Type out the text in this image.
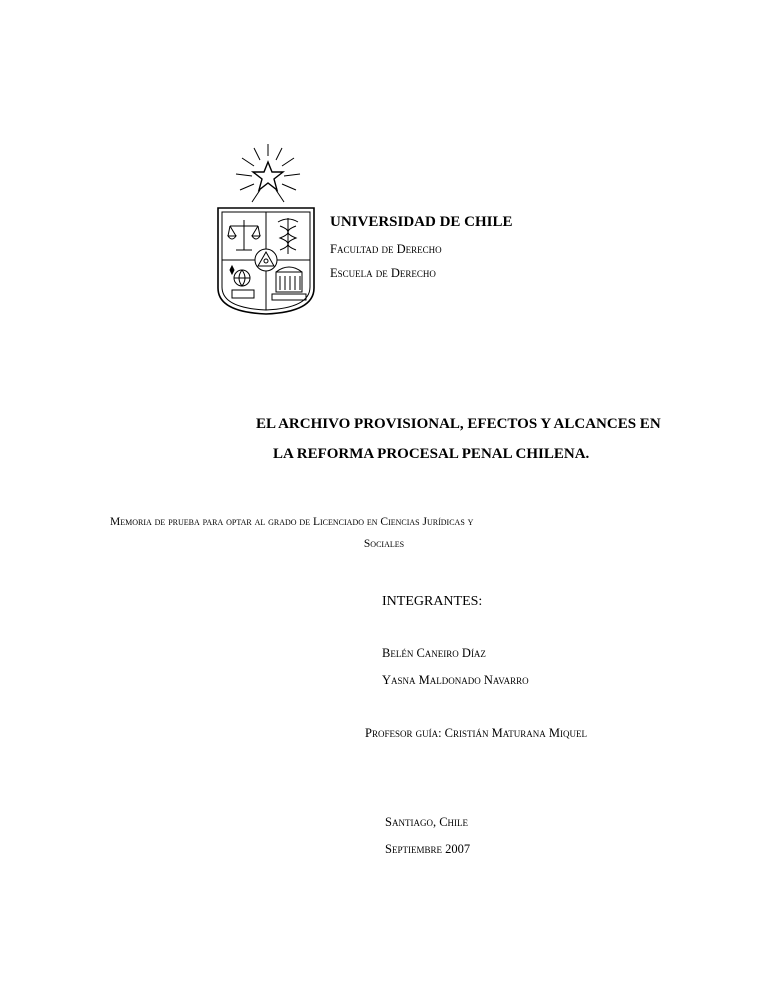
UNIVERSIDAD DE CHILE
Facultad de Derecho
Escuela de Derecho
EL ARCHIVO PROVISIONAL, EFECTOS Y ALCANCES EN
LA REFORMA PROCESAL PENAL CHILENA.
Memoria de prueba para optar al grado de Licenciado en Ciencias Jurídicas y
Sociales
INTEGRANTES:
Belén Caneiro Díaz
Yasna Maldonado Navarro
Profesor guía: Cristián Maturana Miquel
Santiago, Chile
Septiembre 2007
